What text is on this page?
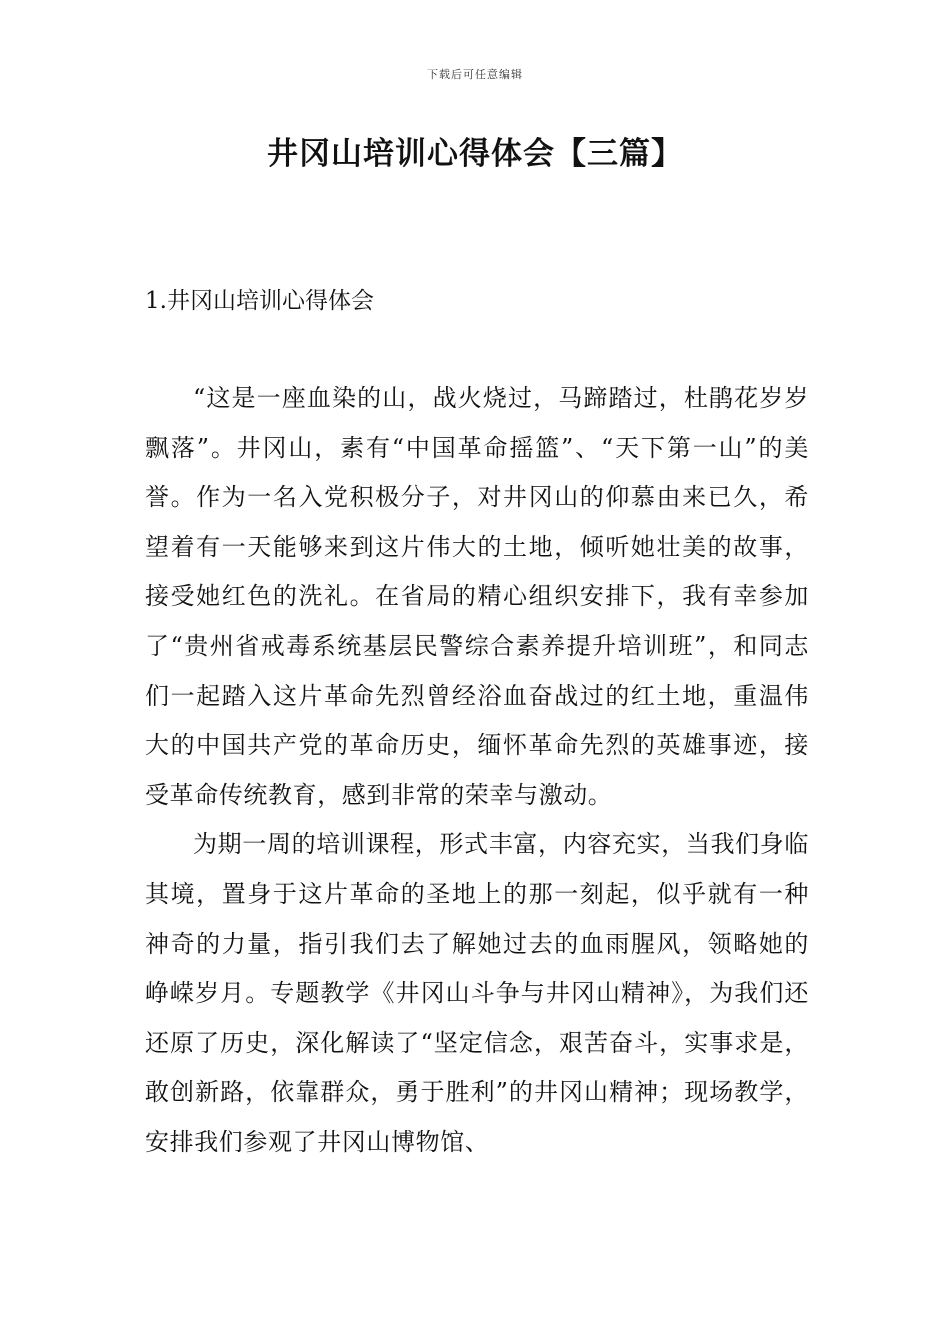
下载后可任意编辑
井冈山培训心得体会【三篇】
1.井冈山培训心得体会

“这是一座血染的山，战火烧过，马蹄踏过，杜鹃花岁岁飘落”。井冈山，素有“中国革命摇篮”、“天下第一山”的美誉。作为一名入党积极分子，对井冈山的仰慕由来已久，希望着有一天能够来到这片伟大的土地，倾听她壮美的故事，接受她红色的洗礼。在省局的精心组织安排下，我有幸参加了“贵州省戒毒系统基层民警综合素养提升培训班”，和同志们一起踏入这片革命先烈曾经浴血奋战过的红土地，重温伟大的中国共产党的革命历史，缅怀革命先烈的英雄事迹，接受革命传统教育，感到非常的荣幸与激动。

为期一周的培训课程，形式丰富，内容充实，当我们身临其境，置身于这片革命的圣地上的那一刻起，似乎就有一种神奇的力量，指引我们去了解她过去的血雨腥风，领略她的峥嵘岁月。专题教学《井冈山斗争与井冈山精神》，为我们还还原了历史，深化解读了“坚定信念，艰苦奋斗，实事求是，敢创新路，依靠群众，勇于胜利”的井冈山精神；现场教学，安排我们参观了井冈山博物馆、
